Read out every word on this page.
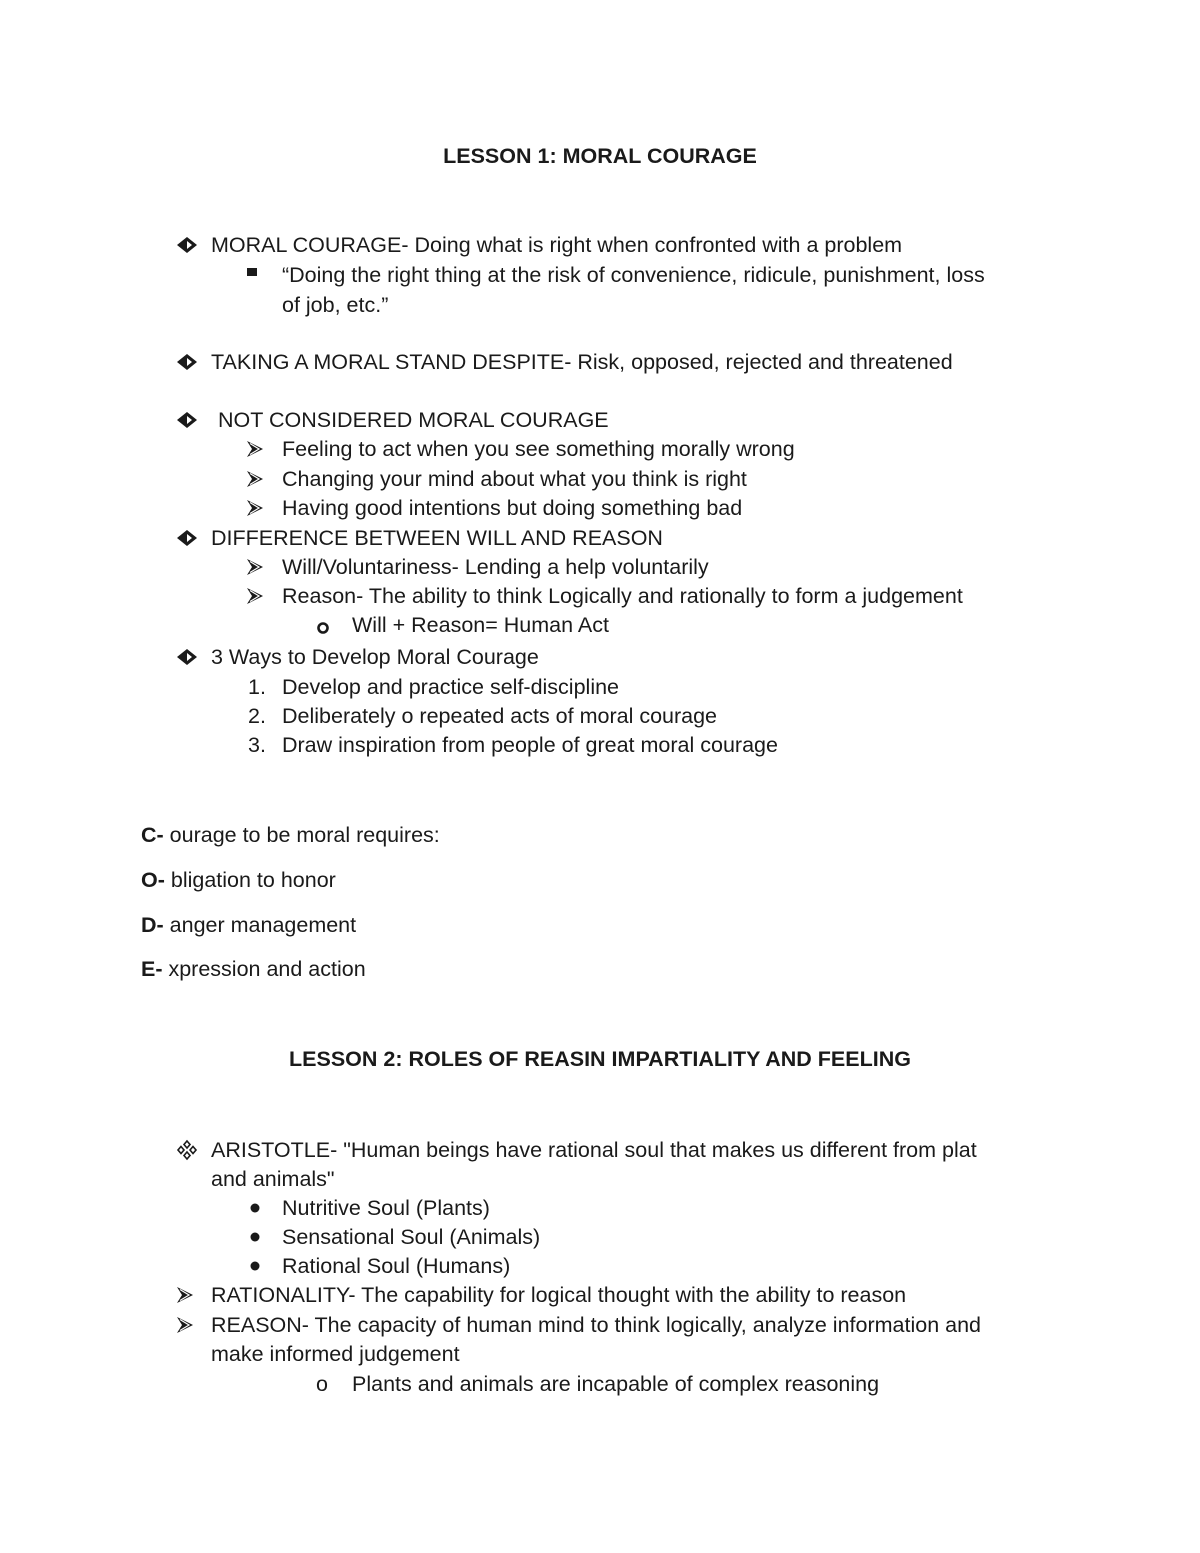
LESSON 1: MORAL COURAGE
MORAL COURAGE- Doing what is right when confronted with a problem
“Doing the right thing at the risk of convenience, ridicule, punishment, loss
of job, etc.”
TAKING A MORAL STAND DESPITE- Risk, opposed, rejected and threatened
NOT CONSIDERED MORAL COURAGE
Feeling to act when you see something morally wrong
Changing your mind about what you think is right
Having good intentions but doing something bad
DIFFERENCE BETWEEN WILL AND REASON
Will/Voluntariness- Lending a help voluntarily
Reason- The ability to think Logically and rationally to form a judgement
Will + Reason= Human Act
3 Ways to Develop Moral Courage
1. Develop and practice self-discipline
2. Deliberately o repeated acts of moral courage
3. Draw inspiration from people of great moral courage
C- ourage to be moral requires:
O- bligation to honor
D- anger management
E- xpression and action
LESSON 2: ROLES OF REASIN IMPARTIALITY AND FEELING
ARISTOTLE- "Human beings have rational soul that makes us different from plat
and animals"
Nutritive Soul (Plants)
Sensational Soul (Animals)
Rational Soul (Humans)
RATIONALITY- The capability for logical thought with the ability to reason
REASON- The capacity of human mind to think logically, analyze information and
make informed judgement
o Plants and animals are incapable of complex reasoning
